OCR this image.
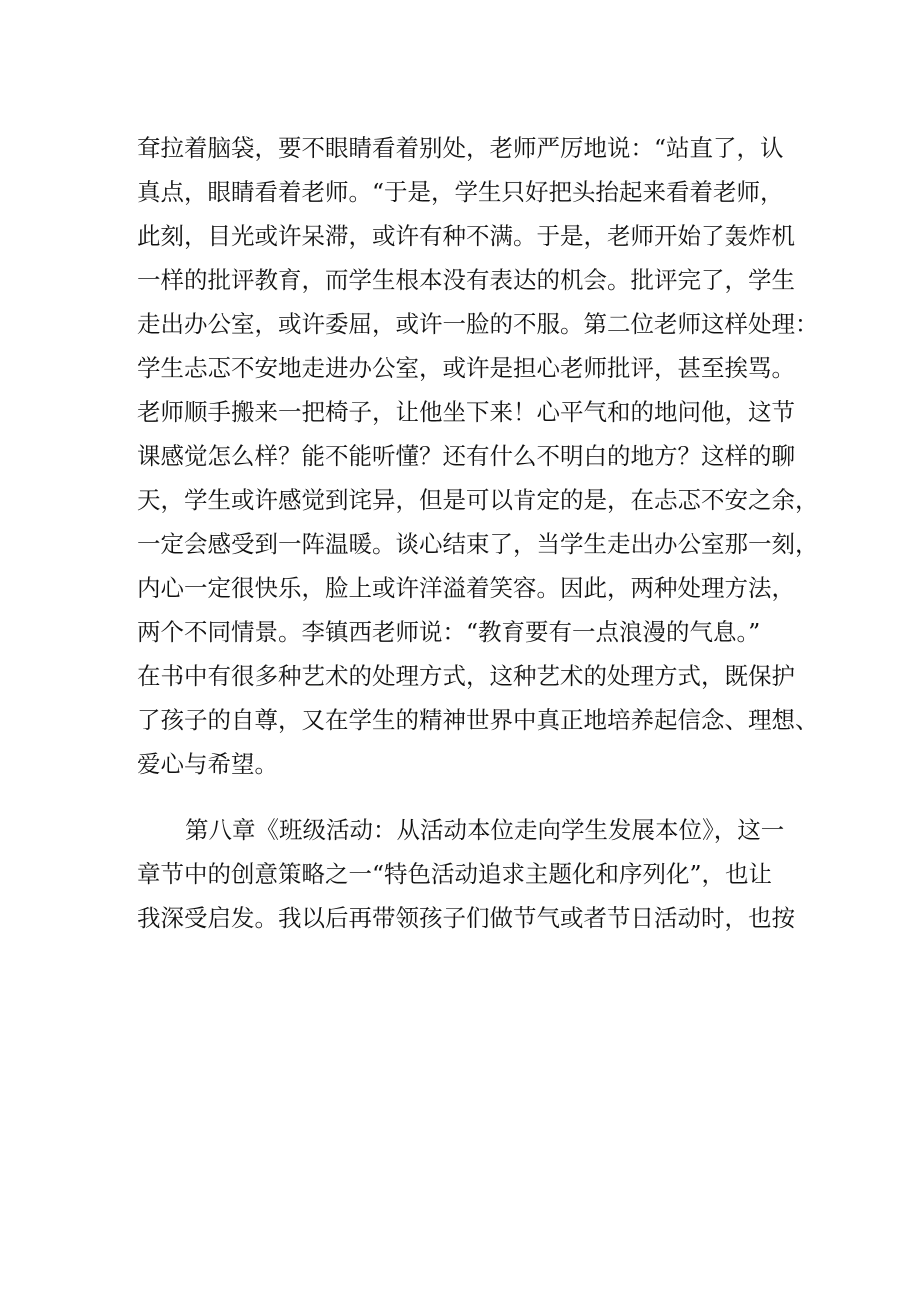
耷拉着脑袋，要不眼睛看着别处，老师严厉地说：“站直了，认
真点，眼睛看着老师。“于是，学生只好把头抬起来看着老师，
此刻，目光或许呆滞，或许有种不满。于是，老师开始了轰炸机
一样的批评教育，而学生根本没有表达的机会。批评完了，学生
走出办公室，或许委屈，或许一脸的不服。第二位老师这样处理：
学生忐忑不安地走进办公室，或许是担心老师批评，甚至挨骂。
老师顺手搬来一把椅子，让他坐下来！心平气和的地问他，这节
课感觉怎么样？能不能听懂？还有什么不明白的地方？这样的聊
天，学生或许感觉到诧异，但是可以肯定的是，在忐忑不安之余，
一定会感受到一阵温暖。谈心结束了，当学生走出办公室那一刻，
内心一定很快乐，脸上或许洋溢着笑容。因此，两种处理方法，
两个不同情景。李镇西老师说：“教育要有一点浪漫的气息。”
在书中有很多种艺术的处理方式，这种艺术的处理方式，既保护
了孩子的自尊，又在学生的精神世界中真正地培养起信念、理想、
爱心与希望。
第八章《班级活动：从活动本位走向学生发展本位》，这一
章节中的创意策略之一“特色活动追求主题化和序列化”，也让
我深受启发。我以后再带领孩子们做节气或者节日活动时，也按
